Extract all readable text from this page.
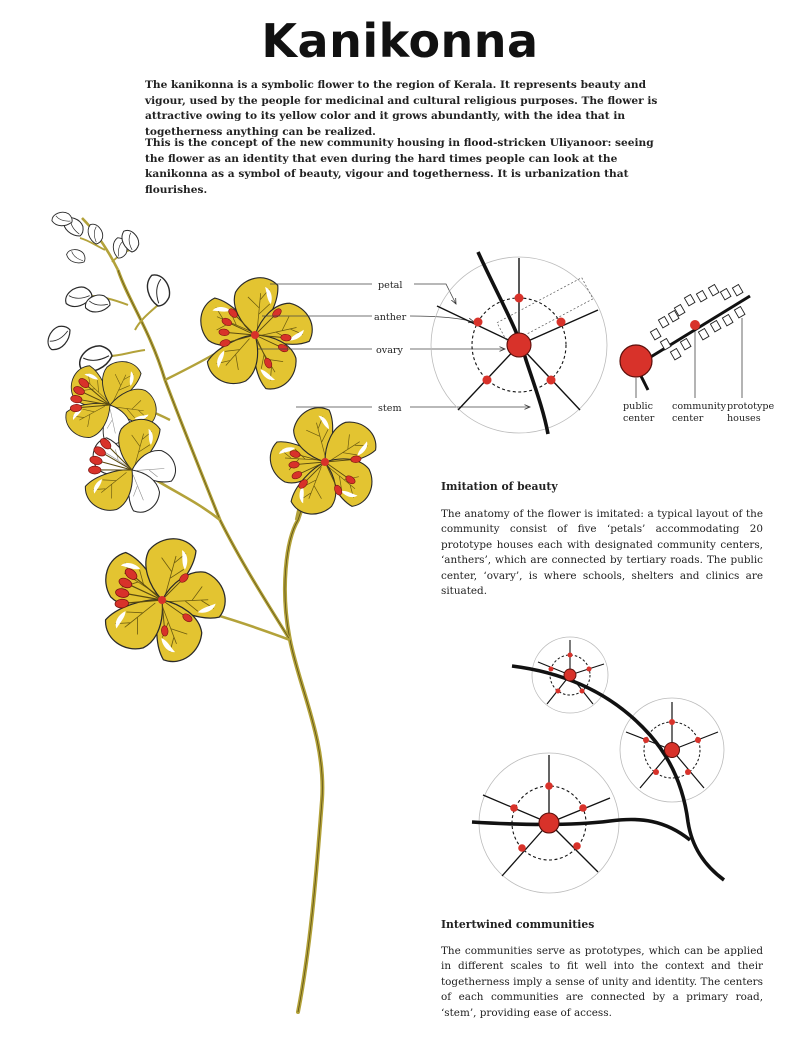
Kanikonna

The kanikonna is a symbolic flower to the region of Kerala. It represents beauty and vigour, used by the people for medicinal and cultural religious purposes. The flower is attractive owing to its yellow color and it grows abundantly, with the idea that in togetherness anything can be realized.

This is the concept of the new community housing in flood-stricken Uliyanoor: seeing the flower as an identity that even during the hard times people can look at the kanikonna as a symbol of beauty, vigour and togetherness. It is urbanization that flourishes.

petal
anther
ovary
stem	public
center
community
center
prototype
houses

Imitation of beauty

The anatomy of the flower is imitated: a typical layout of the community consist of five ‘petals’ accommodating 20 prototype houses each with designated community centers, ‘anthers’, which are connected by tertiary roads. The public center, ‘ovary’, is where schools, shelters and clinics are situated.

Intertwined communities

The communities serve as prototypes, which can be applied in different scales to fit well into the context and their togetherness imply a sense of unity and identity. The centers of each communities are connected by a primary road, ‘stem’, providing ease of access.
